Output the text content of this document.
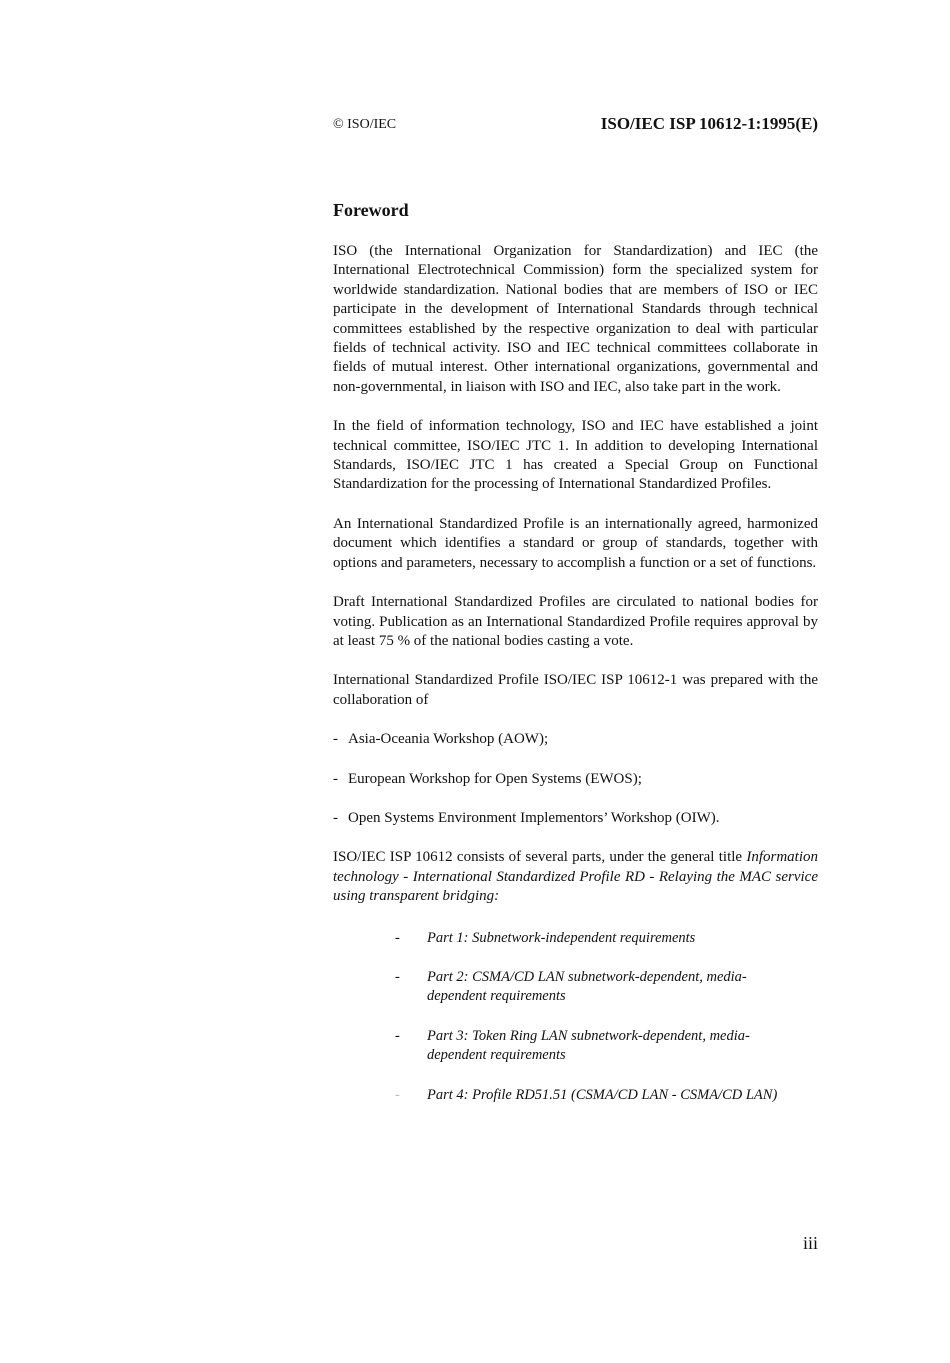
© ISO/IEC	ISO/IEC ISP 10612-1:1995(E)
Foreword

ISO (the International Organization for Standardization) and IEC (the International Electrotechnical Commission) form the specialized system for worldwide standardization. National bodies that are members of ISO or IEC participate in the development of International Standards through technical committees established by the respective organization to deal with particular fields of technical activity. ISO and IEC technical committees collaborate in fields of mutual interest. Other international organizations, governmental and non-governmental, in liaison with ISO and IEC, also take part in the work.

In the field of information technology, ISO and IEC have established a joint technical committee, ISO/IEC JTC 1. In addition to developing International Standards, ISO/IEC JTC 1 has created a Special Group on Functional Standardization for the processing of International Standardized Profiles.

An International Standardized Profile is an internationally agreed, harmonized document which identifies a standard or group of standards, together with options and parameters, necessary to accomplish a function or a set of functions.

Draft International Standardized Profiles are circulated to national bodies for voting. Publication as an International Standardized Profile requires approval by at least 75 % of the national bodies casting a vote.

International Standardized Profile ISO/IEC ISP 10612-1 was prepared with the collaboration of

- Asia-Oceania Workshop (AOW);
- European Workshop for Open Systems (EWOS);
- Open Systems Environment Implementors’ Workshop (OIW).

ISO/IEC ISP 10612 consists of several parts, under the general title Information technology - International Standardized Profile RD - Relaying the MAC service using transparent bridging:

-	Part 1: Subnetwork-independent requirements
-	Part 2: CSMA/CD LAN subnetwork-dependent, media-dependent requirements
-	Part 3: Token Ring LAN subnetwork-dependent, media-dependent requirements
-	Part 4: Profile RD51.51 (CSMA/CD LAN - CSMA/CD LAN)
iii
